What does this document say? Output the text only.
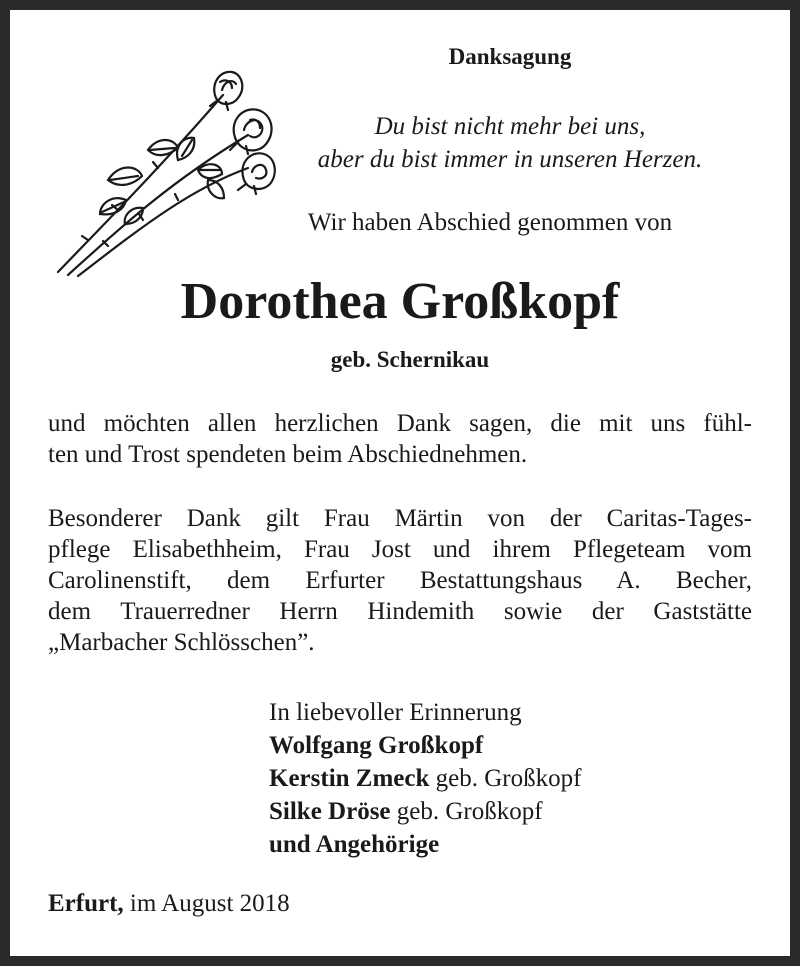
Danksagung
Du bist nicht mehr bei uns,
aber du bist immer in unseren Herzen.
Wir haben Abschied genommen von
Dorothea Großkopf
geb. Schernikau
und möchten allen herzlichen Dank sagen, die mit uns fühl-
ten und Trost spendeten beim Abschiednehmen.
Besonderer Dank gilt Frau Märtin von der Caritas-Tages-
pflege Elisabethheim, Frau Jost und ihrem Pflegeteam vom
Carolinenstift, dem Erfurter Bestattungshaus A. Becher,
dem Trauerredner Herrn Hindemith sowie der Gaststätte
„Marbacher Schlösschen”.
In liebevoller Erinnerung
Wolfgang Großkopf
Kerstin Zmeck geb. Großkopf
Silke Dröse geb. Großkopf
und Angehörige
Erfurt, im August 2018
